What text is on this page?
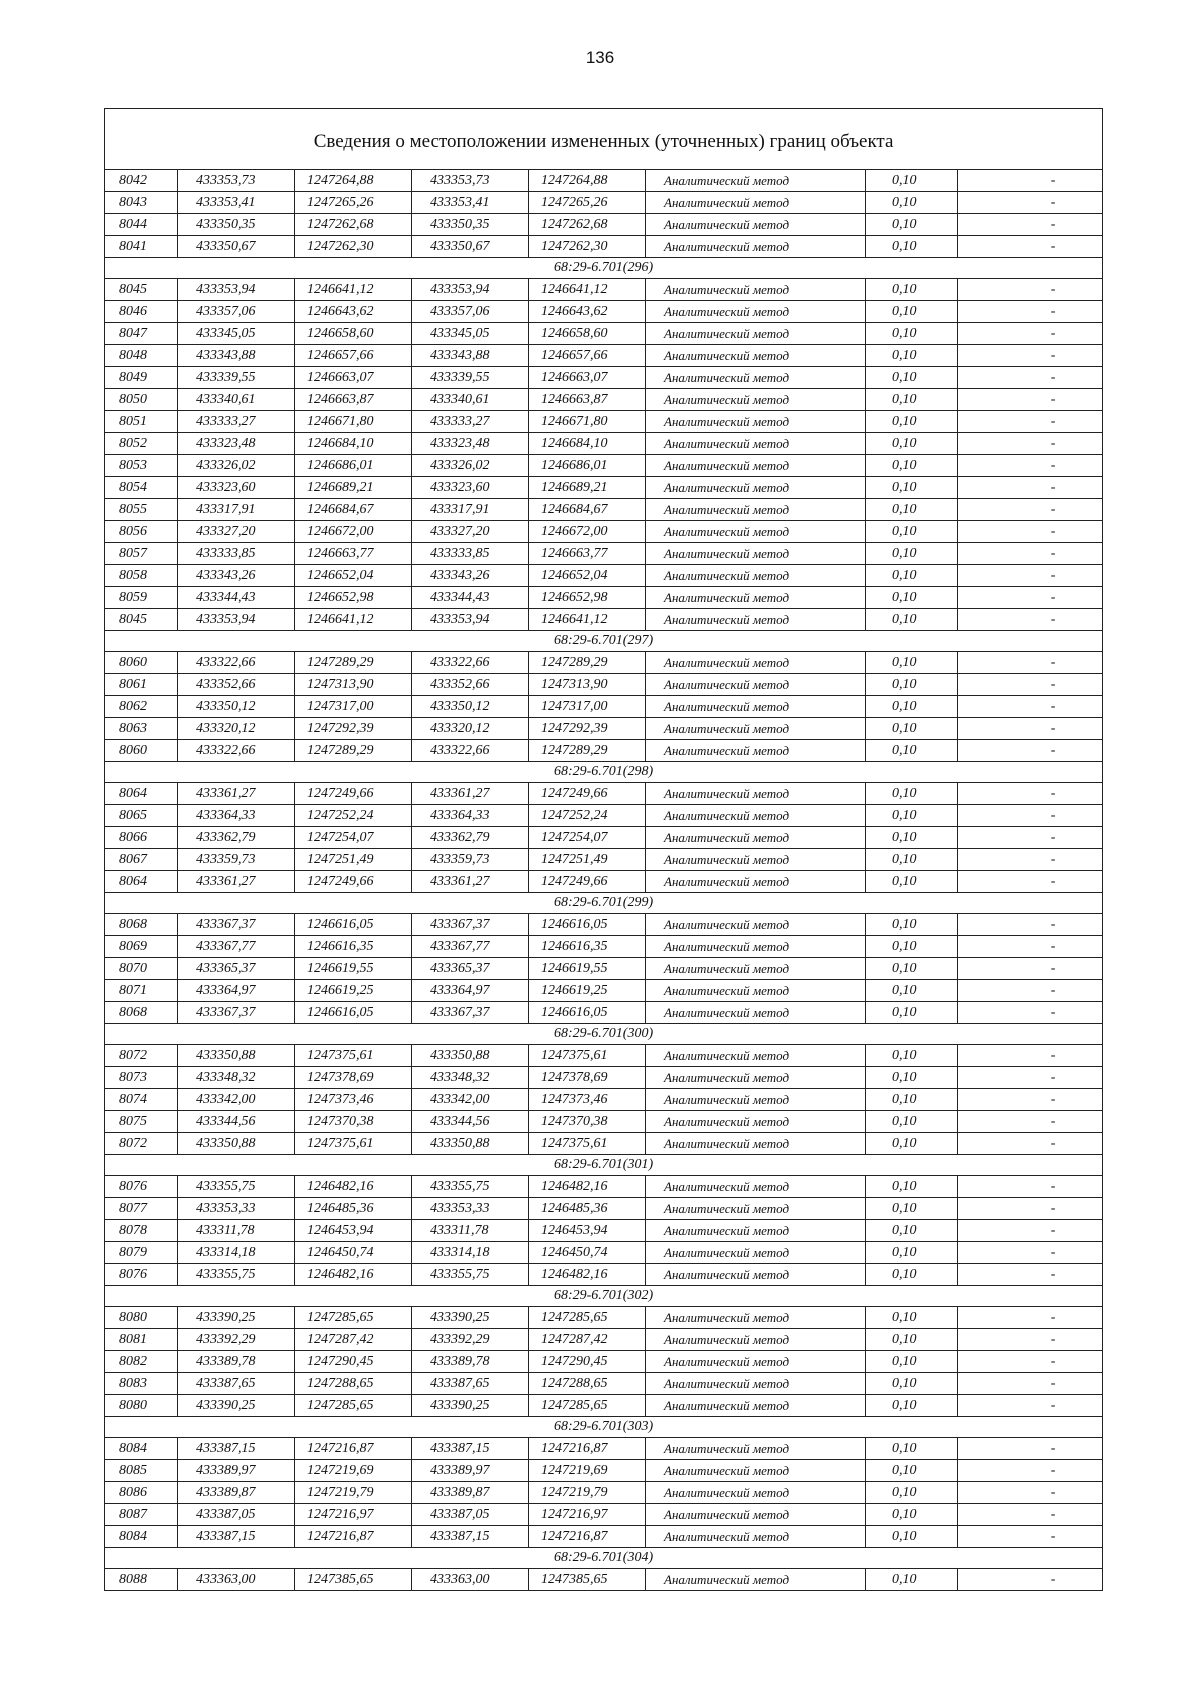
136
Сведения о местоположении измененных (уточненных) границ объекта							
8042	433353,73	1247264,88	433353,73	1247264,88	Аналитический метод	0,10	-
8043	433353,41	1247265,26	433353,41	1247265,26	Аналитический метод	0,10	-
8044	433350,35	1247262,68	433350,35	1247262,68	Аналитический метод	0,10	-
8041	433350,67	1247262,30	433350,67	1247262,30	Аналитический метод	0,10	-
68:29-6.701(296)							
8045	433353,94	1246641,12	433353,94	1246641,12	Аналитический метод	0,10	-
8046	433357,06	1246643,62	433357,06	1246643,62	Аналитический метод	0,10	-
8047	433345,05	1246658,60	433345,05	1246658,60	Аналитический метод	0,10	-
8048	433343,88	1246657,66	433343,88	1246657,66	Аналитический метод	0,10	-
8049	433339,55	1246663,07	433339,55	1246663,07	Аналитический метод	0,10	-
8050	433340,61	1246663,87	433340,61	1246663,87	Аналитический метод	0,10	-
8051	433333,27	1246671,80	433333,27	1246671,80	Аналитический метод	0,10	-
8052	433323,48	1246684,10	433323,48	1246684,10	Аналитический метод	0,10	-
8053	433326,02	1246686,01	433326,02	1246686,01	Аналитический метод	0,10	-
8054	433323,60	1246689,21	433323,60	1246689,21	Аналитический метод	0,10	-
8055	433317,91	1246684,67	433317,91	1246684,67	Аналитический метод	0,10	-
8056	433327,20	1246672,00	433327,20	1246672,00	Аналитический метод	0,10	-
8057	433333,85	1246663,77	433333,85	1246663,77	Аналитический метод	0,10	-
8058	433343,26	1246652,04	433343,26	1246652,04	Аналитический метод	0,10	-
8059	433344,43	1246652,98	433344,43	1246652,98	Аналитический метод	0,10	-
8045	433353,94	1246641,12	433353,94	1246641,12	Аналитический метод	0,10	-
68:29-6.701(297)							
8060	433322,66	1247289,29	433322,66	1247289,29	Аналитический метод	0,10	-
8061	433352,66	1247313,90	433352,66	1247313,90	Аналитический метод	0,10	-
8062	433350,12	1247317,00	433350,12	1247317,00	Аналитический метод	0,10	-
8063	433320,12	1247292,39	433320,12	1247292,39	Аналитический метод	0,10	-
8060	433322,66	1247289,29	433322,66	1247289,29	Аналитический метод	0,10	-
68:29-6.701(298)							
8064	433361,27	1247249,66	433361,27	1247249,66	Аналитический метод	0,10	-
8065	433364,33	1247252,24	433364,33	1247252,24	Аналитический метод	0,10	-
8066	433362,79	1247254,07	433362,79	1247254,07	Аналитический метод	0,10	-
8067	433359,73	1247251,49	433359,73	1247251,49	Аналитический метод	0,10	-
8064	433361,27	1247249,66	433361,27	1247249,66	Аналитический метод	0,10	-
68:29-6.701(299)							
8068	433367,37	1246616,05	433367,37	1246616,05	Аналитический метод	0,10	-
8069	433367,77	1246616,35	433367,77	1246616,35	Аналитический метод	0,10	-
8070	433365,37	1246619,55	433365,37	1246619,55	Аналитический метод	0,10	-
8071	433364,97	1246619,25	433364,97	1246619,25	Аналитический метод	0,10	-
8068	433367,37	1246616,05	433367,37	1246616,05	Аналитический метод	0,10	-
68:29-6.701(300)							
8072	433350,88	1247375,61	433350,88	1247375,61	Аналитический метод	0,10	-
8073	433348,32	1247378,69	433348,32	1247378,69	Аналитический метод	0,10	-
8074	433342,00	1247373,46	433342,00	1247373,46	Аналитический метод	0,10	-
8075	433344,56	1247370,38	433344,56	1247370,38	Аналитический метод	0,10	-
8072	433350,88	1247375,61	433350,88	1247375,61	Аналитический метод	0,10	-
68:29-6.701(301)							
8076	433355,75	1246482,16	433355,75	1246482,16	Аналитический метод	0,10	-
8077	433353,33	1246485,36	433353,33	1246485,36	Аналитический метод	0,10	-
8078	433311,78	1246453,94	433311,78	1246453,94	Аналитический метод	0,10	-
8079	433314,18	1246450,74	433314,18	1246450,74	Аналитический метод	0,10	-
8076	433355,75	1246482,16	433355,75	1246482,16	Аналитический метод	0,10	-
68:29-6.701(302)							
8080	433390,25	1247285,65	433390,25	1247285,65	Аналитический метод	0,10	-
8081	433392,29	1247287,42	433392,29	1247287,42	Аналитический метод	0,10	-
8082	433389,78	1247290,45	433389,78	1247290,45	Аналитический метод	0,10	-
8083	433387,65	1247288,65	433387,65	1247288,65	Аналитический метод	0,10	-
8080	433390,25	1247285,65	433390,25	1247285,65	Аналитический метод	0,10	-
68:29-6.701(303)							
8084	433387,15	1247216,87	433387,15	1247216,87	Аналитический метод	0,10	-
8085	433389,97	1247219,69	433389,97	1247219,69	Аналитический метод	0,10	-
8086	433389,87	1247219,79	433389,87	1247219,79	Аналитический метод	0,10	-
8087	433387,05	1247216,97	433387,05	1247216,97	Аналитический метод	0,10	-
8084	433387,15	1247216,87	433387,15	1247216,87	Аналитический метод	0,10	-
68:29-6.701(304)							
8088	433363,00	1247385,65	433363,00	1247385,65	Аналитический метод	0,10	-
